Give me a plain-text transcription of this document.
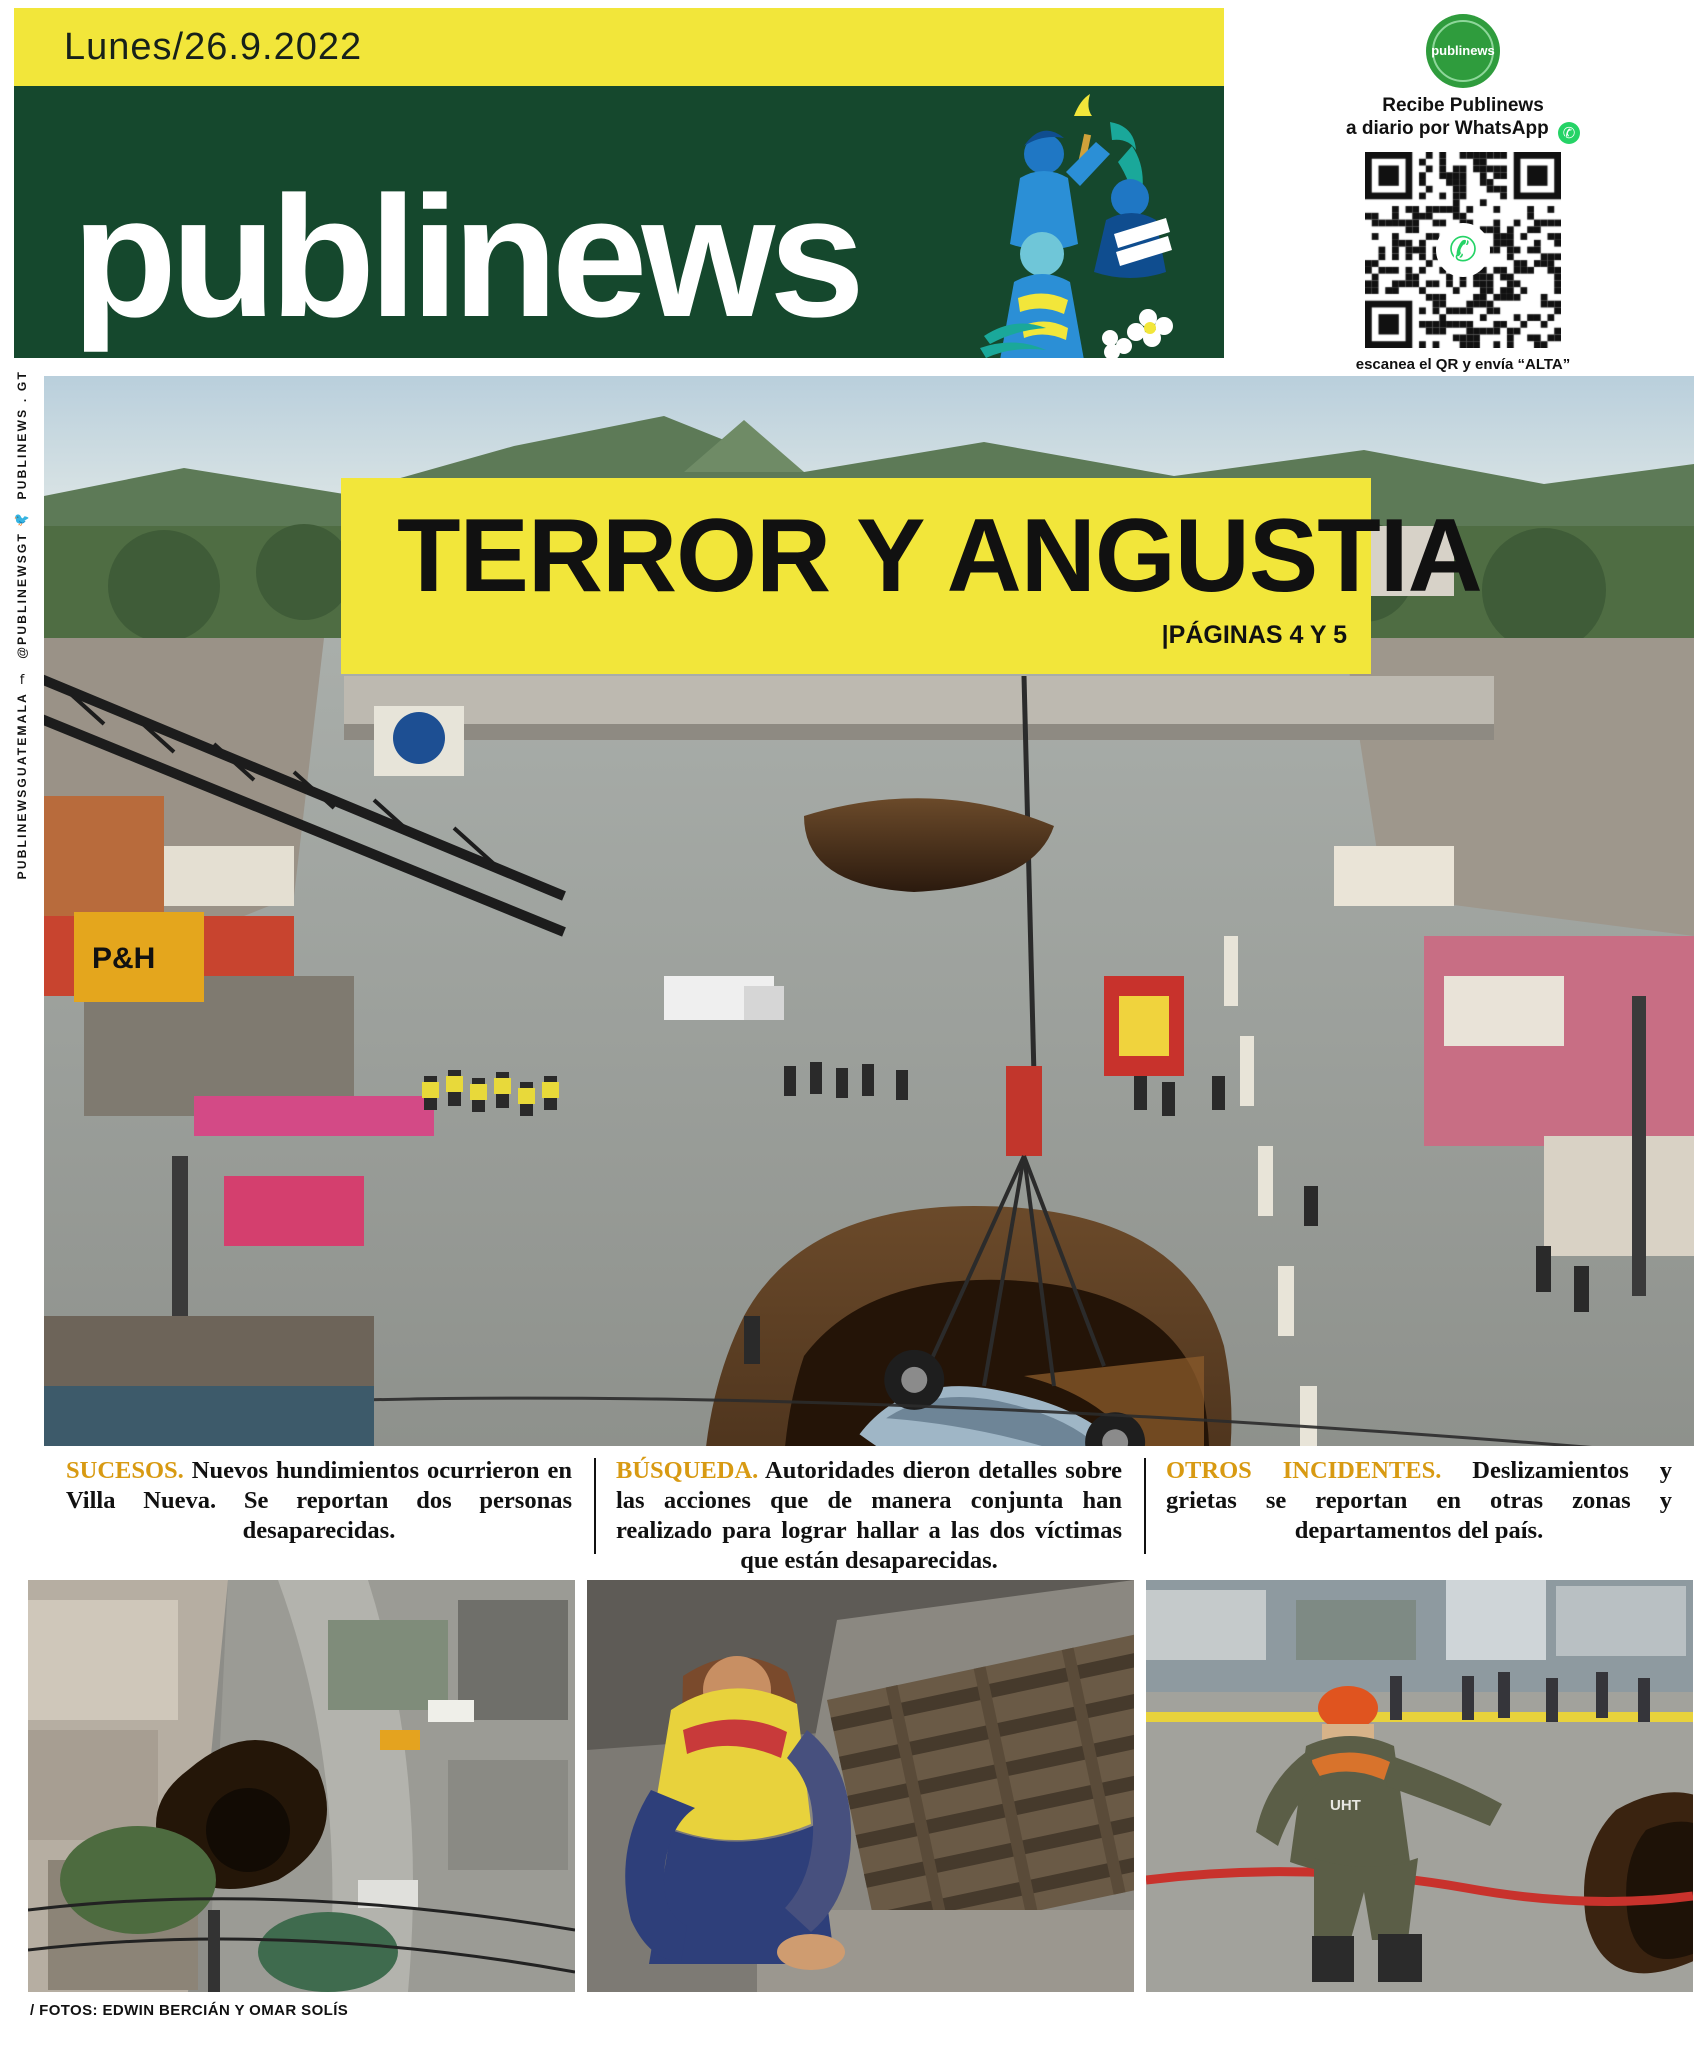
PUBLINEWS . GT
🐦
@PUBLINEWSGT
f
PUBLINEWSGUATEMALA
Lunes/26.9.2022
publinews
publinews
Recibe Publinews
a diario por WhatsApp ✆
✆
escanea el QR y envía “ALTA”

P&H
TERROR Y ANGUSTIA
|PÁGINAS 4 Y 5

SUCESOS. Nuevos hundimientos ocurrieron en Villa Nueva. Se reportan dos personas desaparecidas.

BÚSQUEDA. Autoridades dieron detalles sobre las acciones que de manera conjunta han realizado para lograr hallar a las dos víctimas que están desaparecidas.

OTROS INCIDENTES. Deslizamientos y grietas se reportan en otras zonas y departamentos del país.

UHT
/ FOTOS: EDWIN BERCIÁN Y OMAR SOLÍS
